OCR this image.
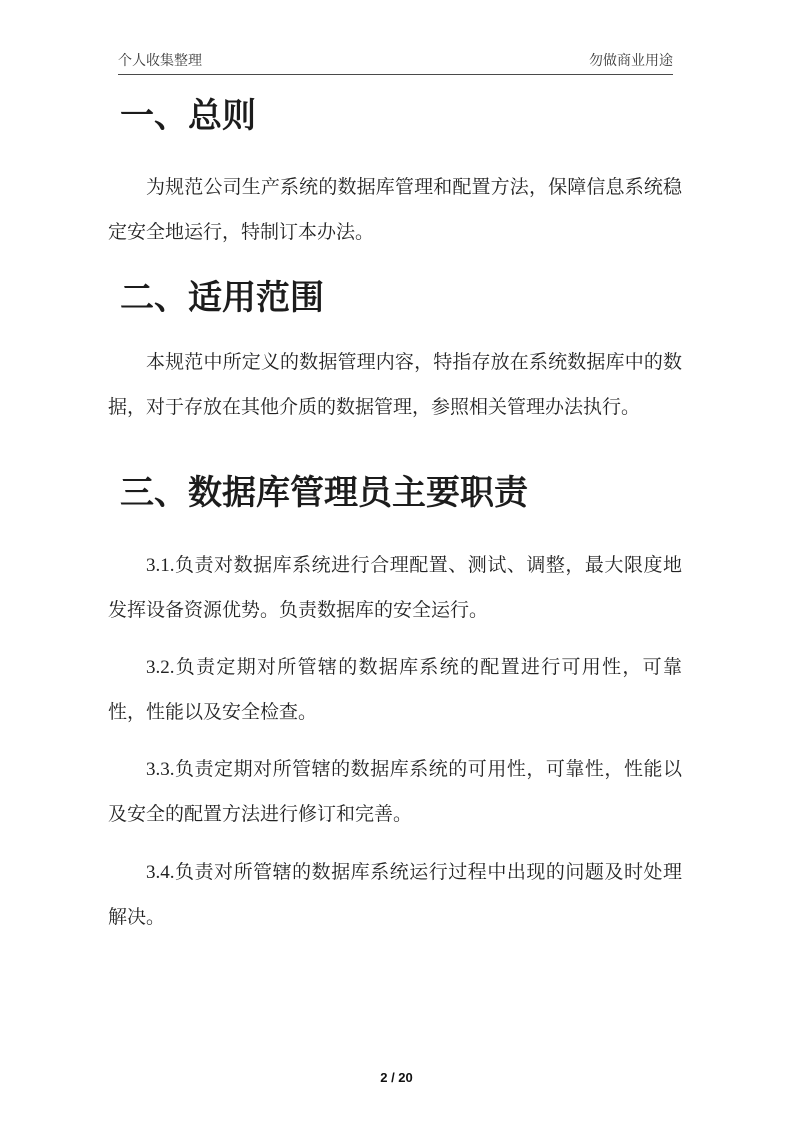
个人收集整理	勿做商业用途
一、总则

为规范公司生产系统的数据库管理和配置方法，保障信息系统稳定安全地运行，特制订本办法。

二、适用范围

本规范中所定义的数据管理内容，特指存放在系统数据库中的数据，对于存放在其他介质的数据管理，参照相关管理办法执行。

三、数据库管理员主要职责

3.1.负责对数据库系统进行合理配置、测试、调整，最大限度地发挥设备资源优势。负责数据库的安全运行。

3.2.负责定期对所管辖的数据库系统的配置进行可用性，可靠性，性能以及安全检查。

3.3.负责定期对所管辖的数据库系统的可用性，可靠性，性能以及安全的配置方法进行修订和完善。

3.4.负责对所管辖的数据库系统运行过程中出现的问题及时处理解决。

2 / 20
